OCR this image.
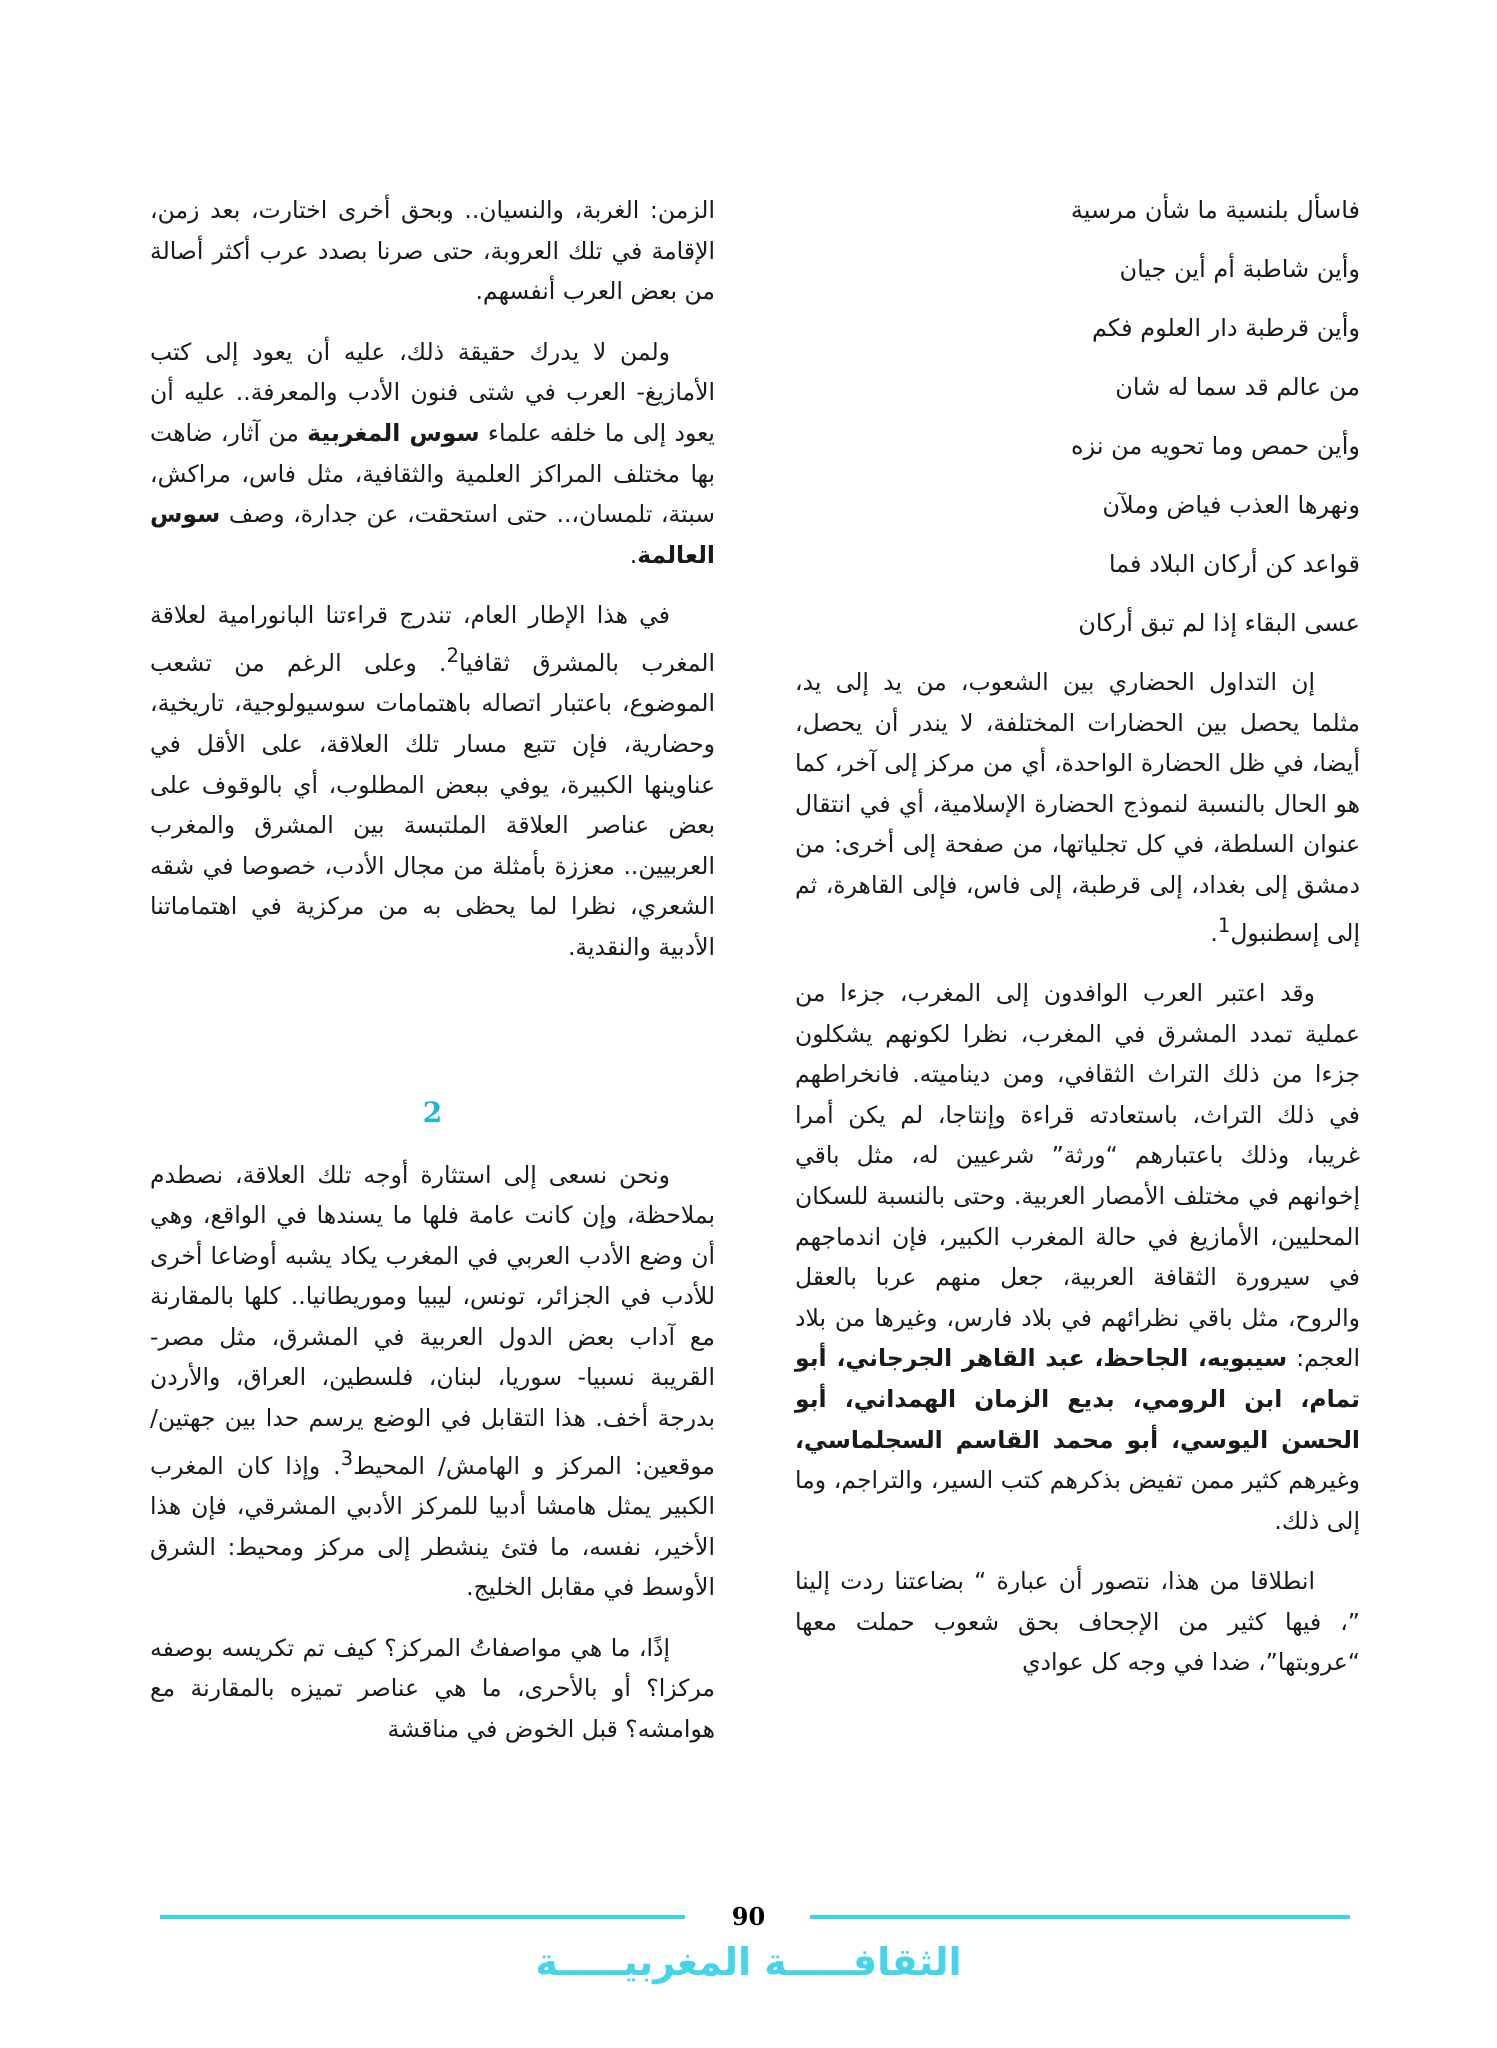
فاسأل بلنسية ما شأن مرسية

وأين شاطبة أم أين جيان

وأين قرطبة دار العلوم فكم

من عالم قد سما له شان

وأين حمص وما تحويه من نزه

ونهرها العذب فياض وملآن

قواعد كن أركان البلاد فما

عسى البقاء إذا لم تبق أركان

إن التداول الحضاري بين الشعوب، من يد إلى يد، مثلما يحصل بين الحضارات المختلفة، لا يندر أن يحصل، أيضا، في ظل الحضارة الواحدة، أي من مركز إلى آخر، كما هو الحال بالنسبة لنموذج الحضارة الإسلامية، أي في انتقال عنوان السلطة، في كل تجلياتها، من صفحة إلى أخرى: من دمشق إلى بغداد، إلى قرطبة، إلى فاس، فإلى القاهرة، ثم إلى إسطنبول$^1$.

وقد اعتبر العرب الوافدون إلى المغرب، جزءا من عملية تمدد المشرق في المغرب، نظرا لكونهم يشكلون جزءا من ذلك التراث الثقافي، ومن ديناميته. فانخراطهم في ذلك التراث، باستعادته قراءة وإنتاجا، لم يكن أمرا غريبا، وذلك باعتبارهم “ورثة” شرعيين له، مثل باقي إخوانهم في مختلف الأمصار العربية. وحتى بالنسبة للسكان المحليين، الأمازيغ في حالة المغرب الكبير، فإن اندماجهم في سيرورة الثقافة العربية، جعل منهم عربا بالعقل والروح، مثل باقي نظرائهم في بلاد فارس، وغيرها من بلاد العجم: سيبويه، الجاحظ، عبد القاهر الجرجاني، أبو تمام، ابن الرومي، بديع الزمان الهمداني، أبو الحسن اليوسي، أبو محمد القاسم السجلماسي، وغيرهم كثير ممن تفيض بذكرهم كتب السير، والتراجم، وما إلى ذلك.

انطلاقا من هذا، نتصور أن عبارة “ بضاعتنا ردت إلينا ”، فيها كثير من الإجحاف بحق شعوب حملت معها “عروبتها”، ضدا في وجه كل عوادي

الزمن: الغربة، والنسيان.. وبحق أخرى اختارت، بعد زمن، الإقامة في تلك العروبة، حتى صرنا بصدد عرب أكثر أصالة من بعض العرب أنفسهم.

ولمن لا يدرك حقيقة ذلك، عليه أن يعود إلى كتب الأمازيغ- العرب في شتى فنون الأدب والمعرفة.. عليه أن يعود إلى ما خلفه علماء سوس المغربية من آثار، ضاهت بها مختلف المراكز العلمية والثقافية، مثل فاس، مراكش، سبتة، تلمسان،.. حتى استحقت، عن جدارة، وصف سوس العالمة.

في هذا الإطار العام، تندرج قراءتنا البانورامية لعلاقة المغرب بالمشرق ثقافيا$^2$. وعلى الرغم من تشعب الموضوع، باعتبار اتصاله باهتمامات سوسيولوجية، تاريخية، وحضارية، فإن تتبع مسار تلك العلاقة، على الأقل في عناوينها الكبيرة، يوفي ببعض المطلوب، أي بالوقوف على بعض عناصر العلاقة الملتبسة بين المشرق والمغرب العربيين.. معززة بأمثلة من مجال الأدب، خصوصا في شقه الشعري، نظرا لما يحظى به من مركزية في اهتماماتنا الأدبية والنقدية.

2

ونحن نسعى إلى استثارة أوجه تلك العلاقة، نصطدم بملاحظة، وإن كانت عامة فلها ما يسندها في الواقع، وهي أن وضع الأدب العربي في المغرب يكاد يشبه أوضاعا أخرى للأدب في الجزائر، تونس، ليبيا وموريطانيا.. كلها بالمقارنة مع آداب بعض الدول العربية في المشرق، مثل مصر- القريبة نسبيا- سوريا، لبنان، فلسطين، العراق، والأردن بدرجة أخف. هذا التقابل في الوضع يرسم حدا بين جهتين/ موقعين: المركز و الهامش/ المحيط$^3$. وإذا كان المغرب الكبير يمثل هامشا أدبيا للمركز الأدبي المشرقي، فإن هذا الأخير، نفسه، ما فتئ ينشطر إلى مركز ومحيط: الشرق الأوسط في مقابل الخليج.

إذًا، ما هي مواصفاتُ المركز؟ كيف تم تكريسه بوصفه مركزا؟ أو بالأحرى، ما هي عناصر تميزه بالمقارنة مع هوامشه؟ قبل الخوض في مناقشة

90
الثقافـــــة المغربيـــــة
